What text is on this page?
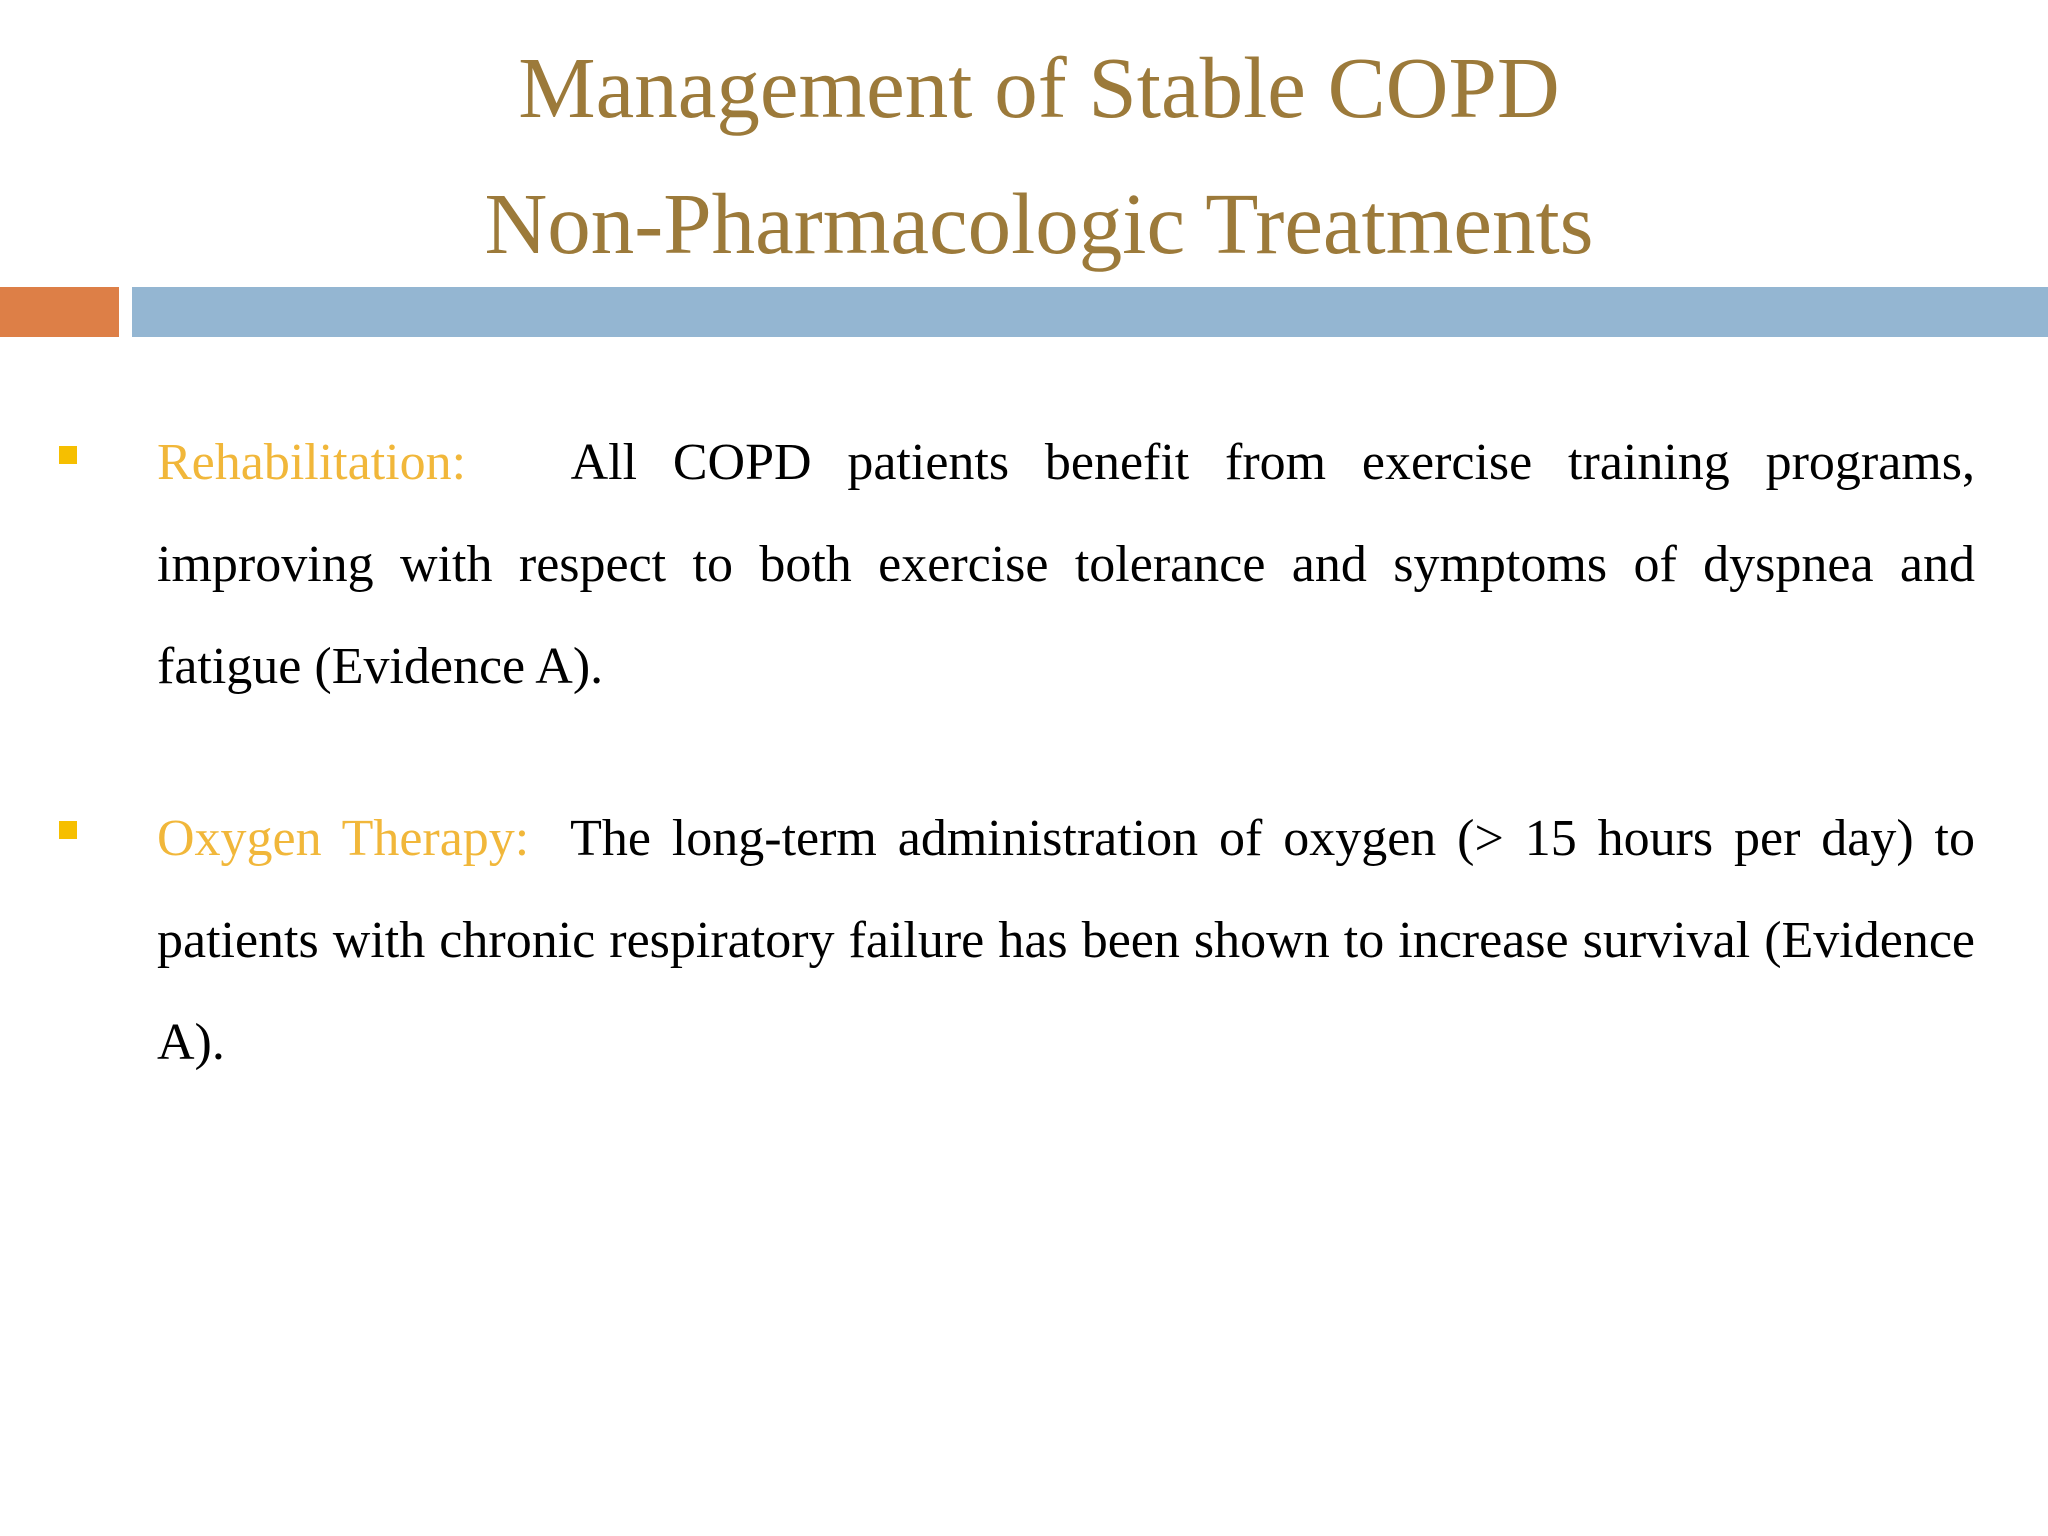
Management of Stable COPD
Non-Pharmacologic Treatments

Rehabilitation: All COPD patients benefit from exercise training programs, improving with respect to both exercise tolerance and symptoms of dyspnea and fatigue (Evidence A).

Oxygen Therapy: The long-term administration of oxygen (> 15 hours per day) to patients with chronic respiratory failure has been shown to increase survival (Evidence A).
